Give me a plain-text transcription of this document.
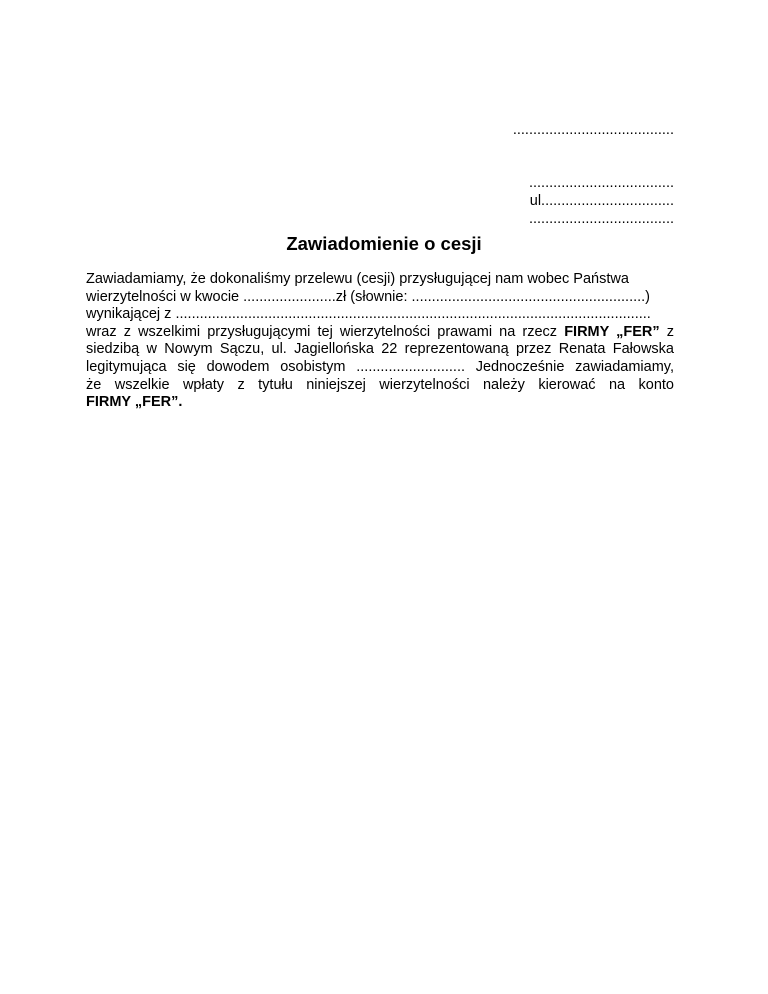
........................................
....................................
ul.................................
....................................
Zawiadomienie o cesji
Zawiadamiamy, że dokonaliśmy przelewu (cesji) przysługującej nam wobec Państwa
wierzytelności w kwocie .......................zł (słownie: ..........................................................)
wynikającej z ......................................................................................................................
wraz z wszelkimi przysługującymi tej wierzytelności prawami na rzecz FIRMY „FER” z
siedzibą w Nowym Sączu, ul. Jagiellońska 22 reprezentowaną przez Renata Fałowska
legitymująca się dowodem osobistym ........................... Jednocześnie zawiadamiamy,
że wszelkie wpłaty z tytułu niniejszej wierzytelności należy kierować na konto
FIRMY „FER”.
